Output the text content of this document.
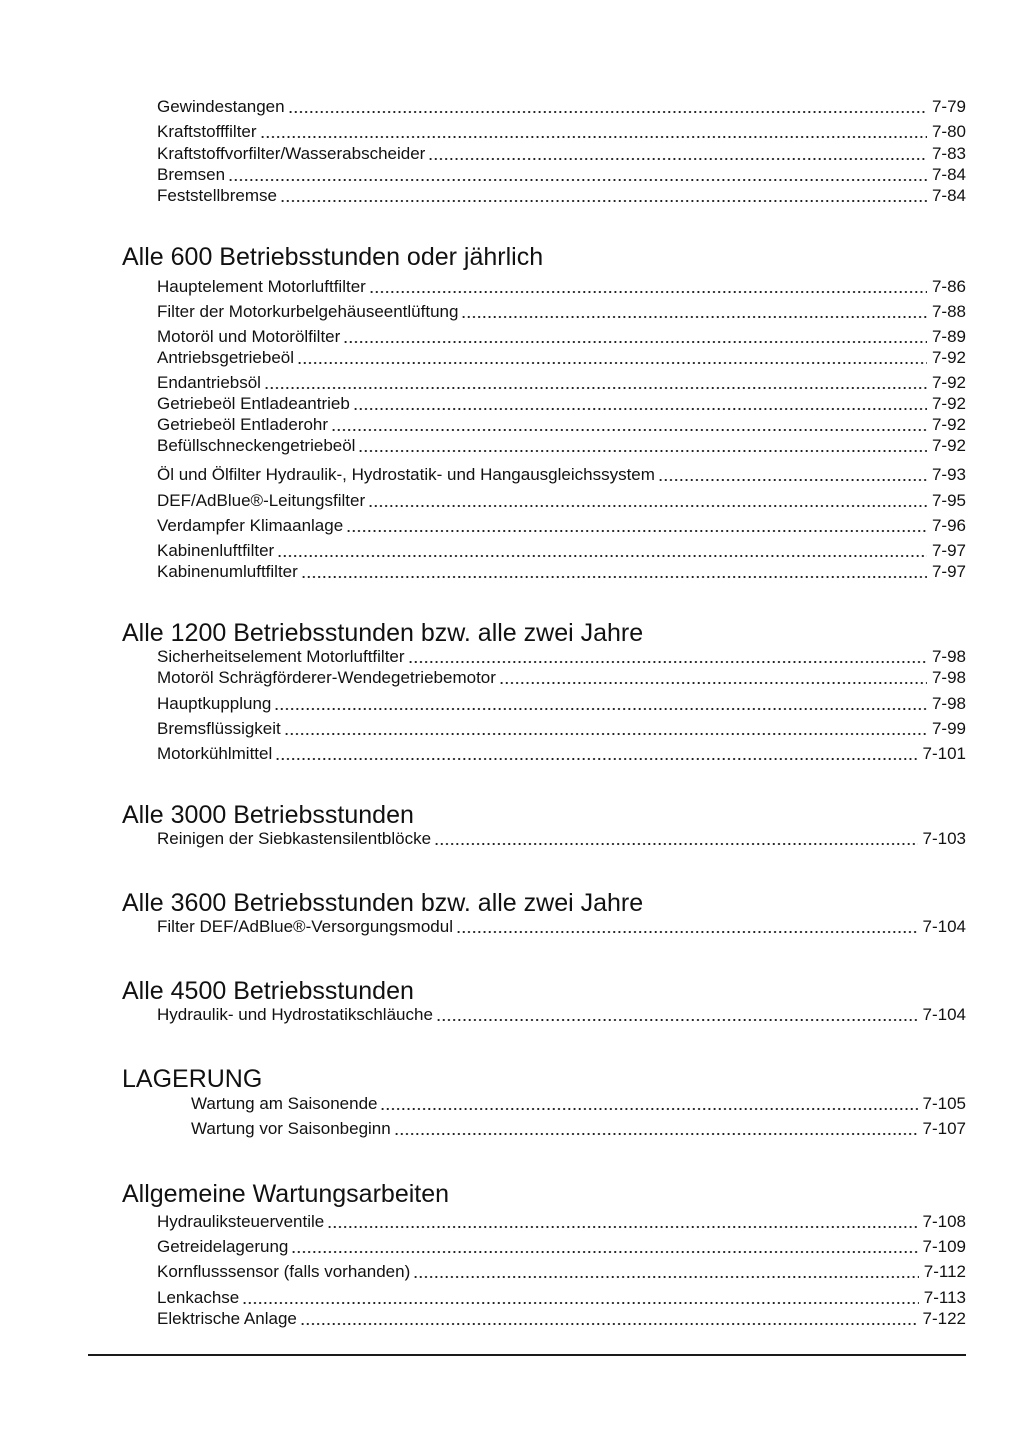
Gewindestangen	7-79
Kraftstofffilter	7-80
Kraftstoffvorfilter/Wasserabscheider	7-83
Bremsen	7-84
Feststellbremse	7-84
Alle 600 Betriebsstunden oder jährlich
Hauptelement Motorluftfilter	7-86
Filter der Motorkurbelgehäuseentlüftung	7-88
Motoröl und Motorölfilter	7-89
Antriebsgetriebeöl	7-92
Endantriebsöl	7-92
Getriebeöl Entladeantrieb	7-92
Getriebeöl Entladerohr	7-92
Befüllschneckengetriebeöl	7-92
Öl und Ölfilter Hydraulik-, Hydrostatik- und Hangausgleichssystem	7-93
DEF/AdBlue®-Leitungsfilter	7-95
Verdampfer Klimaanlage	7-96
Kabinenluftfilter	7-97
Kabinenumluftfilter	7-97
Alle 1200 Betriebsstunden bzw. alle zwei Jahre
Sicherheitselement Motorluftfilter	7-98
Motoröl Schrägförderer-Wendegetriebemotor	7-98
Hauptkupplung	7-98
Bremsflüssigkeit	7-99
Motorkühlmittel	7-101
Alle 3000 Betriebsstunden
Reinigen der Siebkastensilentblöcke	7-103
Alle 3600 Betriebsstunden bzw. alle zwei Jahre
Filter DEF/AdBlue®-Versorgungsmodul	7-104
Alle 4500 Betriebsstunden
Hydraulik- und Hydrostatikschläuche	7-104
LAGERUNG
Wartung am Saisonende	7-105
Wartung vor Saisonbeginn	7-107
Allgemeine Wartungsarbeiten
Hydrauliksteuerventile	7-108
Getreidelagerung	7-109
Kornflusssensor (falls vorhanden)	7-112
Lenkachse	7-113
Elektrische Anlage	7-122
